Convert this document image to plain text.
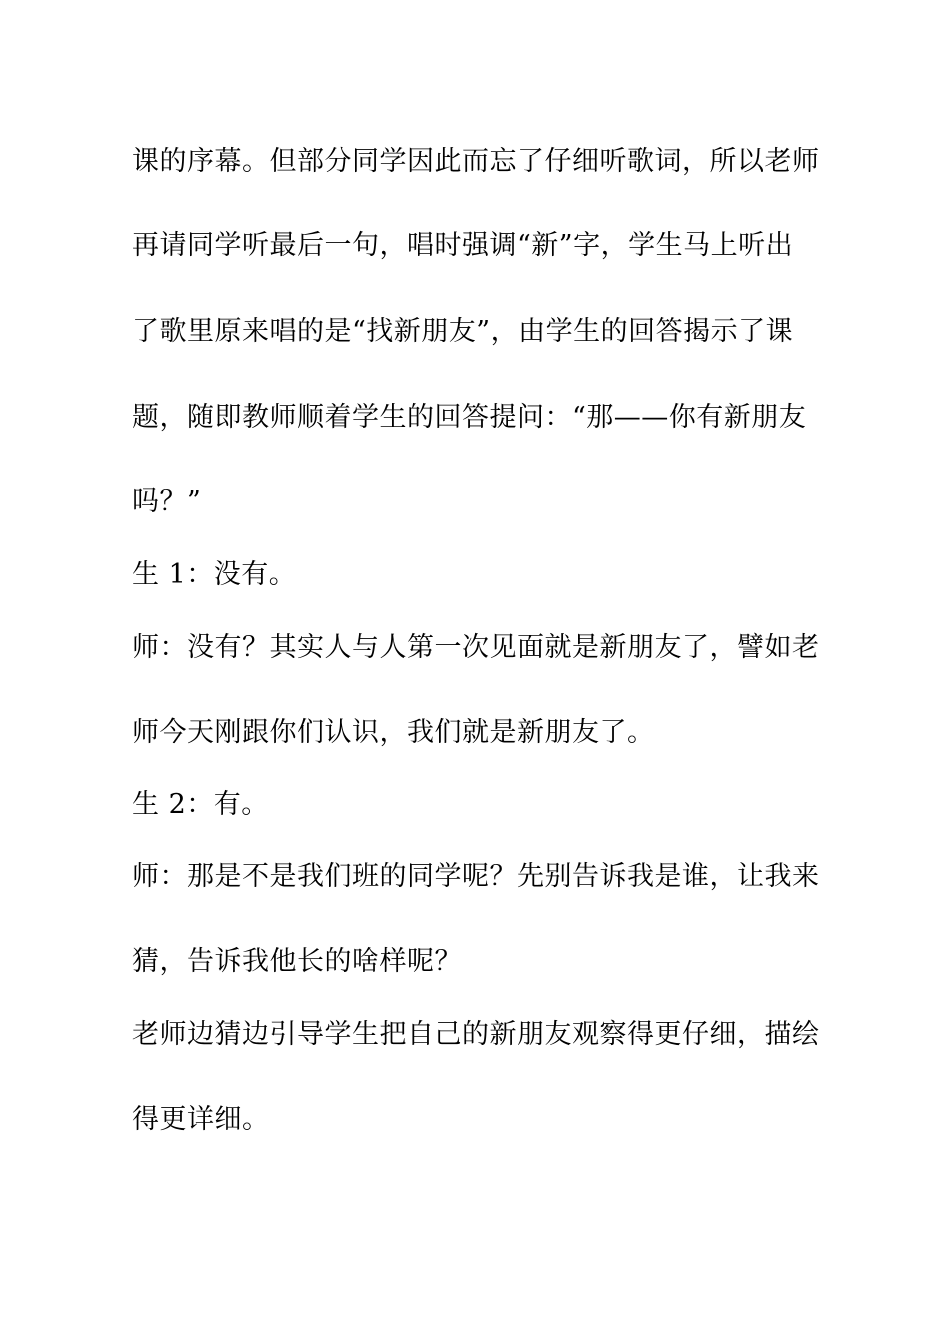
课的序幕。但部分同学因此而忘了仔细听歌词，所以老师
再请同学听最后一句，唱时强调“新”字，学生马上听出
了歌里原来唱的是“找新朋友”，由学生的回答揭示了课
题，随即教师顺着学生的回答提问：“那——你有新朋友
吗？”
生 1：没有。
师：没有？其实人与人第一次见面就是新朋友了，譬如老
师今天刚跟你们认识，我们就是新朋友了。
生 2：有。
师：那是不是我们班的同学呢？先别告诉我是谁，让我来
猜，告诉我他长的啥样呢？
老师边猜边引导学生把自己的新朋友观察得更仔细，描绘
得更详细。
